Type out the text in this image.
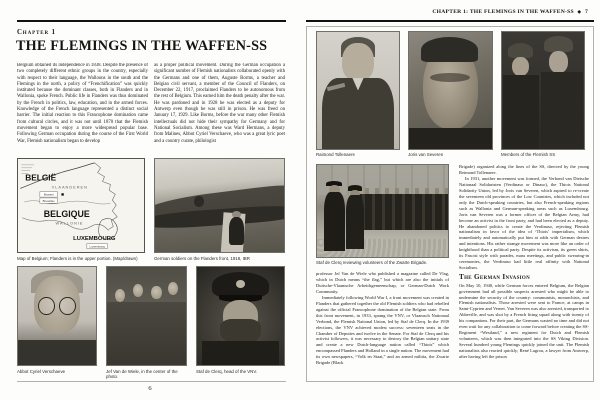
Chapter 1
THE FLEMINGS IN THE WAFFEN-SS
Belgium obtained its independence in 1838. Despite the presence of two completely different ethnic groups in the country, especially with respect to their language, the Walloons in the south and the Flemings in the north, a policy of “Frenchification” was quickly instituted because the dominant classes, both in Flanders and in Wallonia, spoke French. Public life in Flanders was thus dominated by the French in politics, law, education, and in the armed forces. Knowledge of the French language represented a distinct social barrier. The initial reaction to this Francophone domination came from cultural circles, and it was not until 1870 that the Flemish movement began to enjoy a more widespread popular base. Following German occupation during the course of the First World War, Flemish nationalism began to develop
as a proper political movement. During the German occupation a significant number of Flemish nationalists collaborated openly with the Germans and one of them, Auguste Borms, a teacher and Belgian civil servant, a member of the Council of Flanders, on December 22, 1917, proclaimed Flanders to be autonomous from the rest of Belgium. This earned him the death penalty after the war. He was pardoned and in 1928 he was elected as a deputy for Antwerp even though he was still in prison. He was freed on January 17, 1929. Like Borms, before the war many other Flemish intellectuals did not hide their sympathy for Germany and for National Socialism. Among these was Ward Hermans, a deputy from Malines, Abbot Cyriel Verschaeve, who was a great lyric poet and a country curate, philologist
BELGIË
VLAANDEREN
Brussel
Bruxelles
BELGIQUE
WALLONIE
LUXEMBOURG
Luxembourg
Map of Belgium; Flanders is in the upper portion. (Map/drawn)	German soldiers on the Flanders front, 1918, IBR
Abbot Cyriel Verschaeve	Jef Van de Wiele, in the center of the photo.
Staf de Clerq, head of the VNV.
6
CHAPTER 1: THE FLEMINGS IN THE WAFFEN-SS ◆ 7
Raimond Tollenaere	Joris van Severen	Members of the Flemish SS
Staf de Clerq reviewing volunteers of the Zwarte Brigade.

professor Jef Van de Wiele who published a magazine called De Vlag, which in Dutch means “the flag,” but which are also the initials of Duitsche-Vlaamsche Arbeidsgemeenschap, or German-Dutch Work Community.

Immediately following World War I, a front movement was created in Flanders that gathered together the old Flemish soldiers who had rebelled against the official Francophone domination of the Belgian state. From this front movement, in 1933, sprang the VNV, or Vlaamsch Nationaal Verbond, the Flemish National Union, led by Staf de Clerq. In the 1939 elections, the VNV achieved modest success: seventeen seats in the Chamber of Deputies and twelve in the Senate. For Staf de Clerq and his activist followers, it was necessary to destroy the Belgian unitary state and create a new Dutch-language nation called “Thiois” which encompassed Flanders and Holland in a single nation. The movement had its own newspapers, “Volk en Staat,” and an armed militia, the Zwarte Brigade (Black

Brigade) organized along the lines of the SS, directed by the young Reimond Tollenaere.

In 1931, another movement was formed, the Verbond van Dietsche Nationaal Solidaristen (Verdinaso or Dinaso), the Thiois National Solidarity Union, led by Joris van Severen, which aspired to re-create the seventeen old provinces of the Low Countries, which included not only the Dutch-speaking countries, but also French-speaking regions such as Wallonia and German-speaking areas such as Luxembourg. Joris van Severen was a former officer of the Belgian Army, had become an activist in the front party, and had been elected as a deputy. He abandoned politics to create the Verdinaso, rejecting Flemish nationalism in favor of the idea of ‘Thiois’ imperialism, which immediately and automatically put him at odds with German desires and intentions. His rather strange movement was more like an order of knighthood than a political party. Despite its activism, its green shirts, its Fascist style with parades, mass meetings, and public swearing-in ceremonies, the Verdinaso had little real affinity with National Socialism.

The German Invasion

On May 10, 1940, while German forces entered Belgium, the Belgian government had all possible suspects arrested who might be able to undermine the security of the country: communists, monarchists, and Flemish nationalists. Those arrested were sent to France, at camps in Saint-Cyprien and Vernet. Van Severen was also arrested, transported to Abbeville, and was shot by a French firing squad along with twenty of his companions. For their part, the Germans wasted no time and did not even wait for any collaboration to come forward before creating the SS-Regiment “Westland,” a new regiment for Dutch and Flemish volunteers, which was then integrated into the SS Viking Division. Several hundred young Flemings quickly joined the unit. The Flemish nationalists also reacted quickly; René Lagrou, a lawyer from Antwerp, after having left the prison
